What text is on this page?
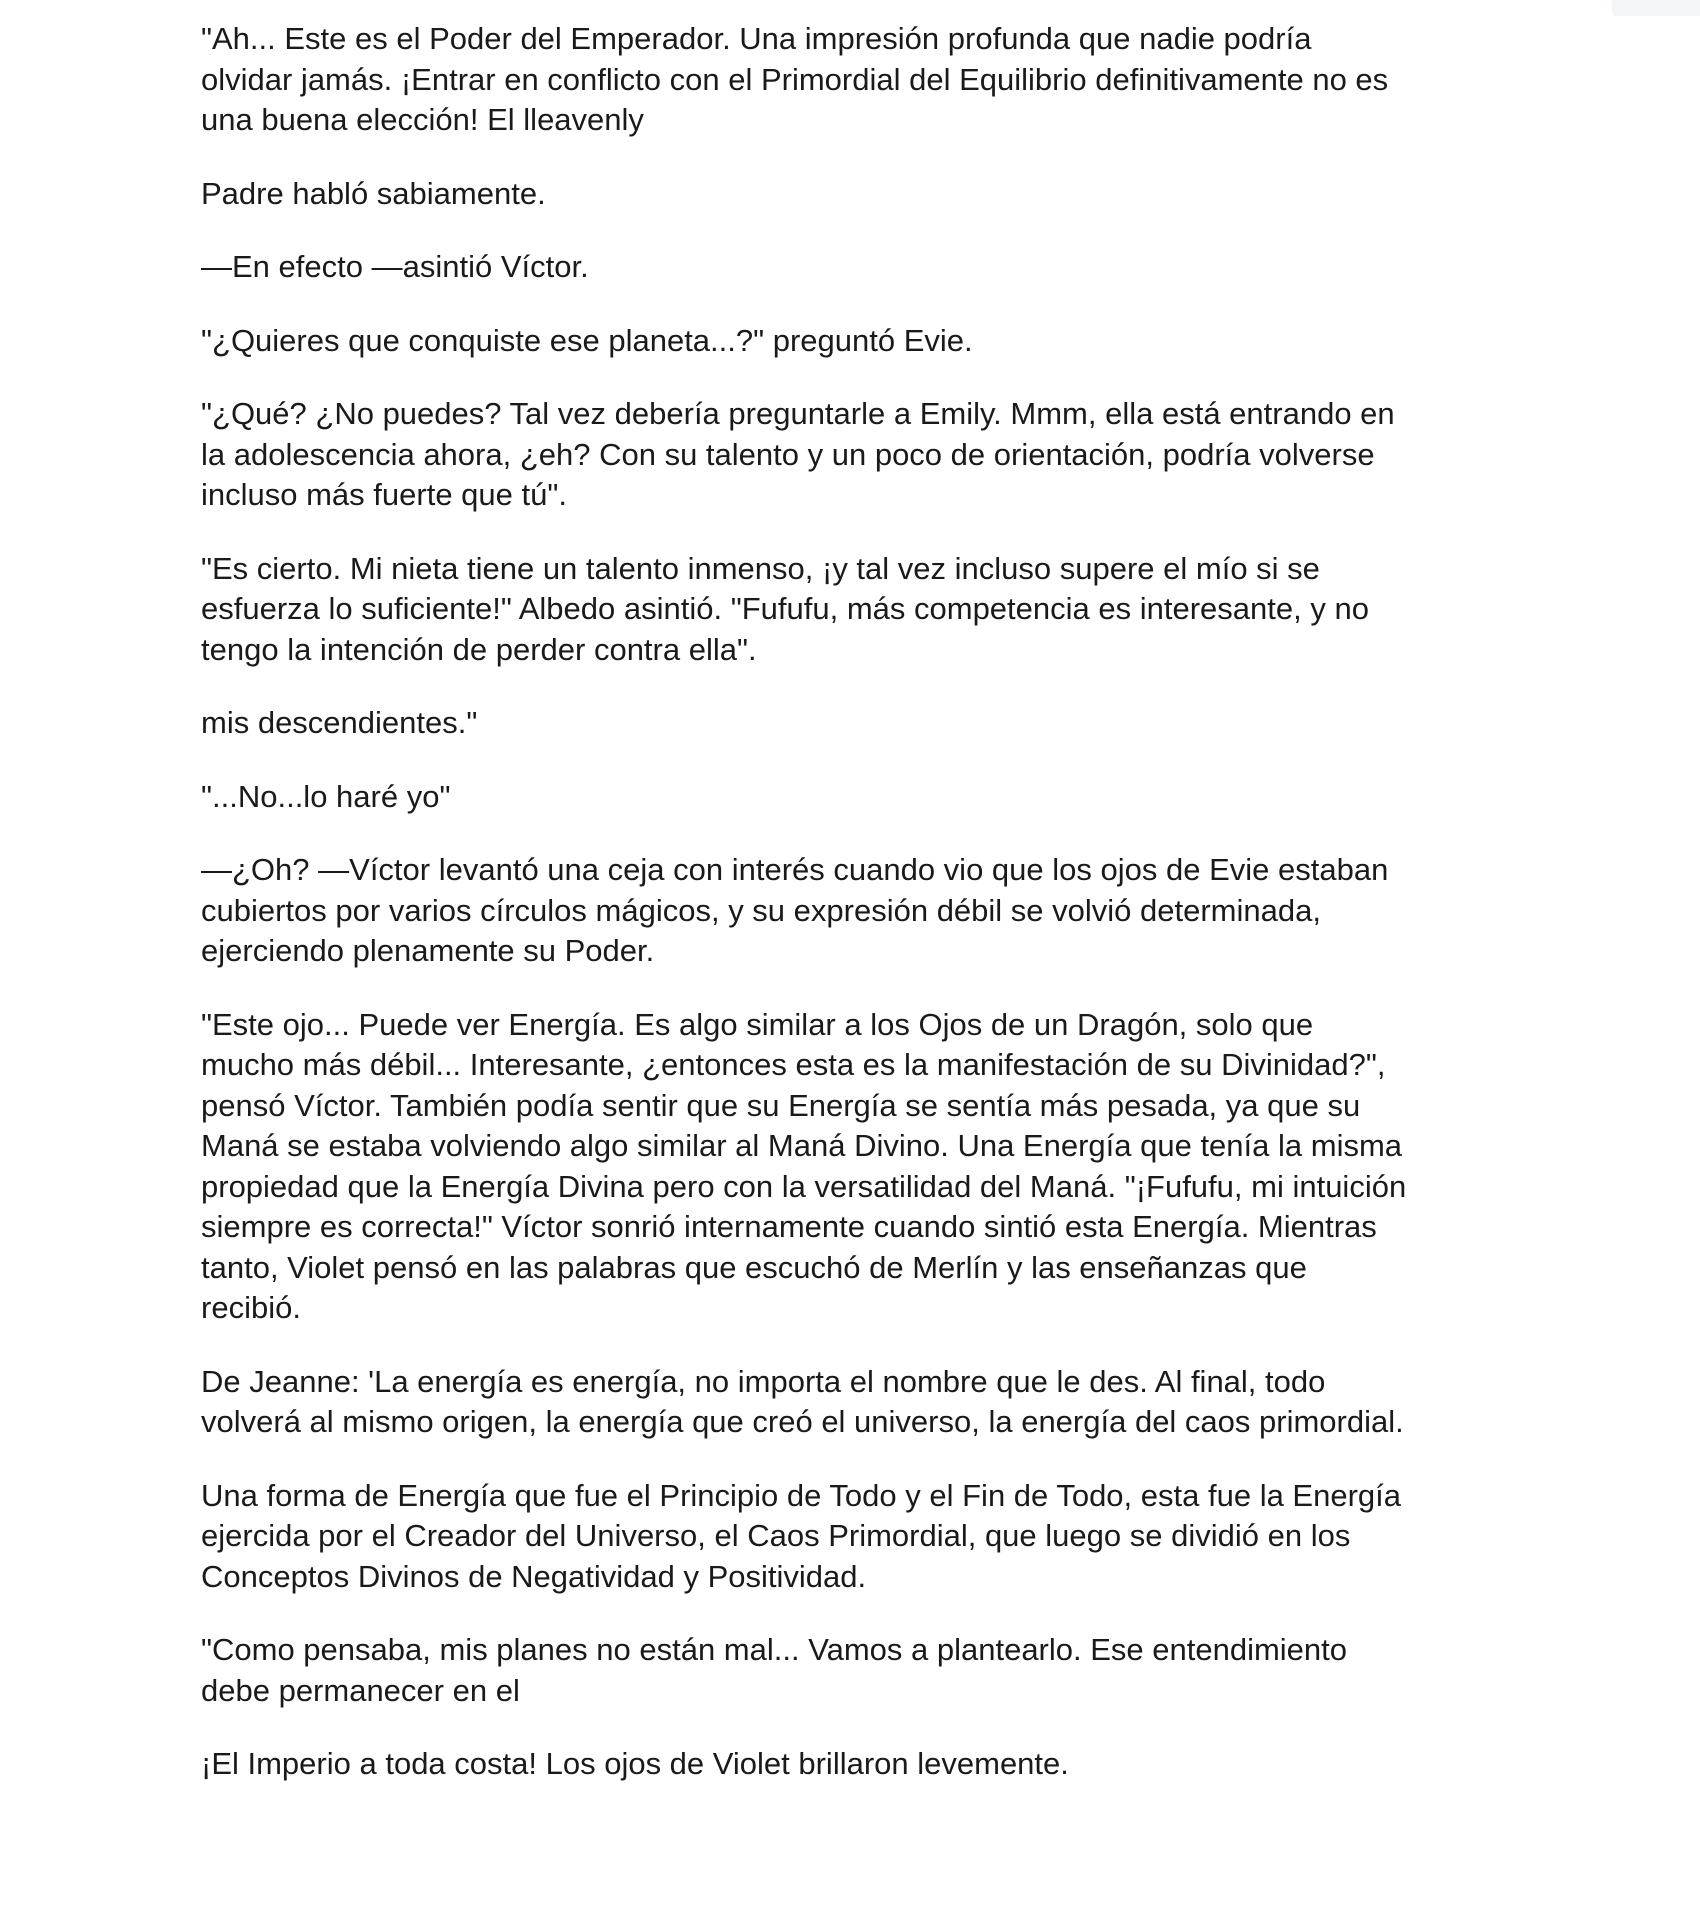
"Ah... Este es el Poder del Emperador. Una impresión profunda que nadie podría
olvidar jamás. ¡Entrar en conflicto con el Primordial del Equilibrio definitivamente no es
una buena elección! El lleavenly

Padre habló sabiamente.

—En efecto —asintió Víctor.

"¿Quieres que conquiste ese planeta...?" preguntó Evie.

"¿Qué? ¿No puedes? Tal vez debería preguntarle a Emily. Mmm, ella está entrando en
la adolescencia ahora, ¿eh? Con su talento y un poco de orientación, podría volverse
incluso más fuerte que tú".

"Es cierto. Mi nieta tiene un talento inmenso, ¡y tal vez incluso supere el mío si se
esfuerza lo suficiente!" Albedo asintió. "Fufufu, más competencia es interesante, y no
tengo la intención de perder contra ella".

mis descendientes."

"...No...lo haré yo"

—¿Oh? —Víctor levantó una ceja con interés cuando vio que los ojos de Evie estaban
cubiertos por varios círculos mágicos, y su expresión débil se volvió determinada,
ejerciendo plenamente su Poder.

"Este ojo... Puede ver Energía. Es algo similar a los Ojos de un Dragón, solo que
mucho más débil... Interesante, ¿entonces esta es la manifestación de su Divinidad?",
pensó Víctor. También podía sentir que su Energía se sentía más pesada, ya que su
Maná se estaba volviendo algo similar al Maná Divino. Una Energía que tenía la misma
propiedad que la Energía Divina pero con la versatilidad del Maná. "¡Fufufu, mi intuición
siempre es correcta!" Víctor sonrió internamente cuando sintió esta Energía. Mientras
tanto, Violet pensó en las palabras que escuchó de Merlín y las enseñanzas que
recibió.

De Jeanne: 'La energía es energía, no importa el nombre que le des. Al final, todo
volverá al mismo origen, la energía que creó el universo, la energía del caos primordial.

Una forma de Energía que fue el Principio de Todo y el Fin de Todo, esta fue la Energía
ejercida por el Creador del Universo, el Caos Primordial, que luego se dividió en los
Conceptos Divinos de Negatividad y Positividad.

"Como pensaba, mis planes no están mal... Vamos a plantearlo. Ese entendimiento
debe permanecer en el

¡El Imperio a toda costa! Los ojos de Violet brillaron levemente.
